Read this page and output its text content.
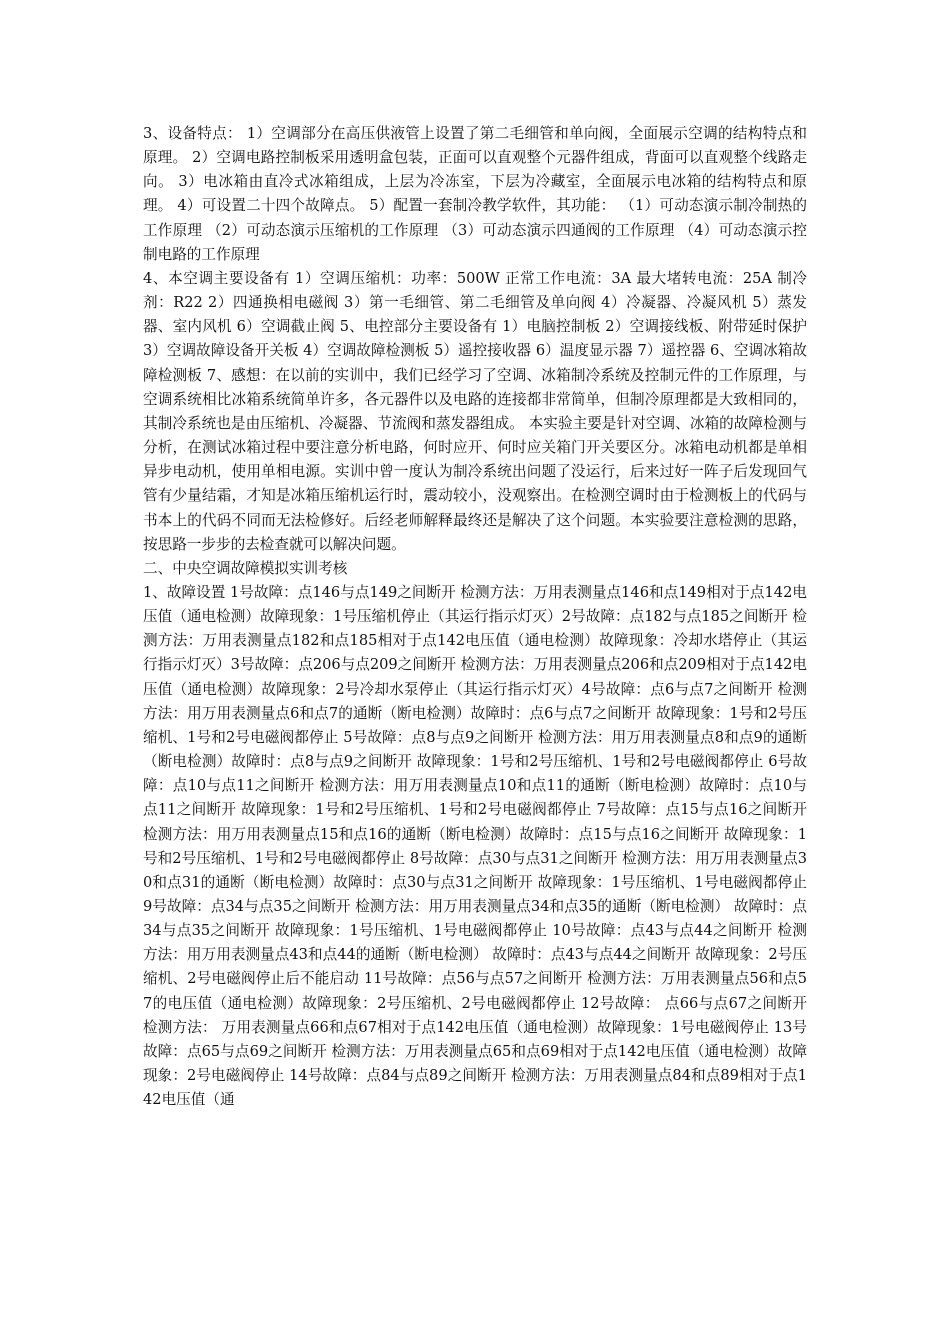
3、设备特点： 1）空调部分在高压供液管上设置了第二毛细管和单向阀，全面展示空调的结构特点和原理。 2）空调电路控制板采用透明盒包装，正面可以直观整个元器件组成，背面可以直观整个线路走向。 3）电冰箱由直冷式冰箱组成，上层为冷冻室，下层为冷藏室，全面展示电冰箱的结构特点和原理。 4）可设置二十四个故障点。 5）配置一套制冷教学软件，其功能： （1）可动态演示制冷制热的工作原理 （2）可动态演示压缩机的工作原理 （3）可动态演示四通阀的工作原理 （4）可动态演示控制电路的工作原理

4、本空调主要设备有 1）空调压缩机：功率：500W 正常工作电流：3A 最大堵转电流：25A 制冷剂：R22 2）四通换相电磁阀 3）第一毛细管、第二毛细管及单向阀 4）冷凝器、冷凝风机 5）蒸发器、室内风机 6）空调截止阀 5、电控部分主要设备有 1）电脑控制板 2）空调接线板、附带延时保护 3）空调故障设备开关板 4）空调故障检测板 5）遥控接收器 6）温度显示器 7）遥控器 6、空调冰箱故障检测板 7、感想：在以前的实训中，我们已经学习了空调、冰箱制冷系统及控制元件的工作原理，与空调系统相比冰箱系统简单许多，各元器件以及电路的连接都非常简单，但制冷原理都是大致相同的，其制冷系统也是由压缩机、冷凝器、节流阀和蒸发器组成。 本实验主要是针对空调、冰箱的故障检测与分析，在测试冰箱过程中要注意分析电路，何时应开、何时应关箱门开关要区分。冰箱电动机都是单相异步电动机，使用单相电源。实训中曾一度认为制冷系统出问题了没运行，后来过好一阵子后发现回气管有少量结霜，才知是冰箱压缩机运行时，震动较小，没观察出。在检测空调时由于检测板上的代码与书本上的代码不同而无法检修好。后经老师解释最终还是解决了这个问题。本实验要注意检测的思路，按思路一步步的去检查就可以解决问题。

二、中央空调故障模拟实训考核

1、故障设置 1号故障：点146与点149之间断开 检测方法：万用表测量点146和点149相对于点142电压值（通电检测）故障现象：1号压缩机停止（其运行指示灯灭）2号故障：点182与点185之间断开 检测方法：万用表测量点182和点185相对于点142电压值（通电检测）故障现象：冷却水塔停止（其运行指示灯灭）3号故障：点206与点209之间断开 检测方法：万用表测量点206和点209相对于点142电压值（通电检测）故障现象：2号冷却水泵停止（其运行指示灯灭）4号故障：点6与点7之间断开 检测方法：用万用表测量点6和点7的通断（断电检测）故障时：点6与点7之间断开 故障现象：1号和2号压缩机、1号和2号电磁阀都停止 5号故障：点8与点9之间断开 检测方法：用万用表测量点8和点9的通断（断电检测）故障时：点8与点9之间断开 故障现象：1号和2号压缩机、1号和2号电磁阀都停止 6号故障：点10与点11之间断开 检测方法：用万用表测量点10和点11的通断（断电检测）故障时：点10与点11之间断开 故障现象：1号和2号压缩机、1号和2号电磁阀都停止 7号故障：点15与点16之间断开 检测方法：用万用表测量点15和点16的通断（断电检测）故障时：点15与点16之间断开 故障现象：1号和2号压缩机、1号和2号电磁阀都停止 8号故障：点30与点31之间断开 检测方法：用万用表测量点30和点31的通断（断电检测）故障时：点30与点31之间断开 故障现象：1号压缩机、1号电磁阀都停止 9号故障：点34与点35之间断开 检测方法：用万用表测量点34和点35的通断（断电检测） 故障时：点34与点35之间断开 故障现象：1号压缩机、1号电磁阀都停止 10号故障：点43与点44之间断开 检测方法：用万用表测量点43和点44的通断（断电检测） 故障时：点43与点44之间断开 故障现象：2号压缩机、2号电磁阀停止后不能启动 11号故障：点56与点57之间断开 检测方法：万用表测量点56和点57的电压值（通电检测）故障现象：2号压缩机、2号电磁阀都停止 12号故障： 点66与点67之间断开 检测方法： 万用表测量点66和点67相对于点142电压值（通电检测）故障现象：1号电磁阀停止 13号故障：点65与点69之间断开 检测方法：万用表测量点65和点69相对于点142电压值（通电检测）故障现象：2号电磁阀停止 14号故障：点84与点89之间断开 检测方法：万用表测量点84和点89相对于点142电压值（通
